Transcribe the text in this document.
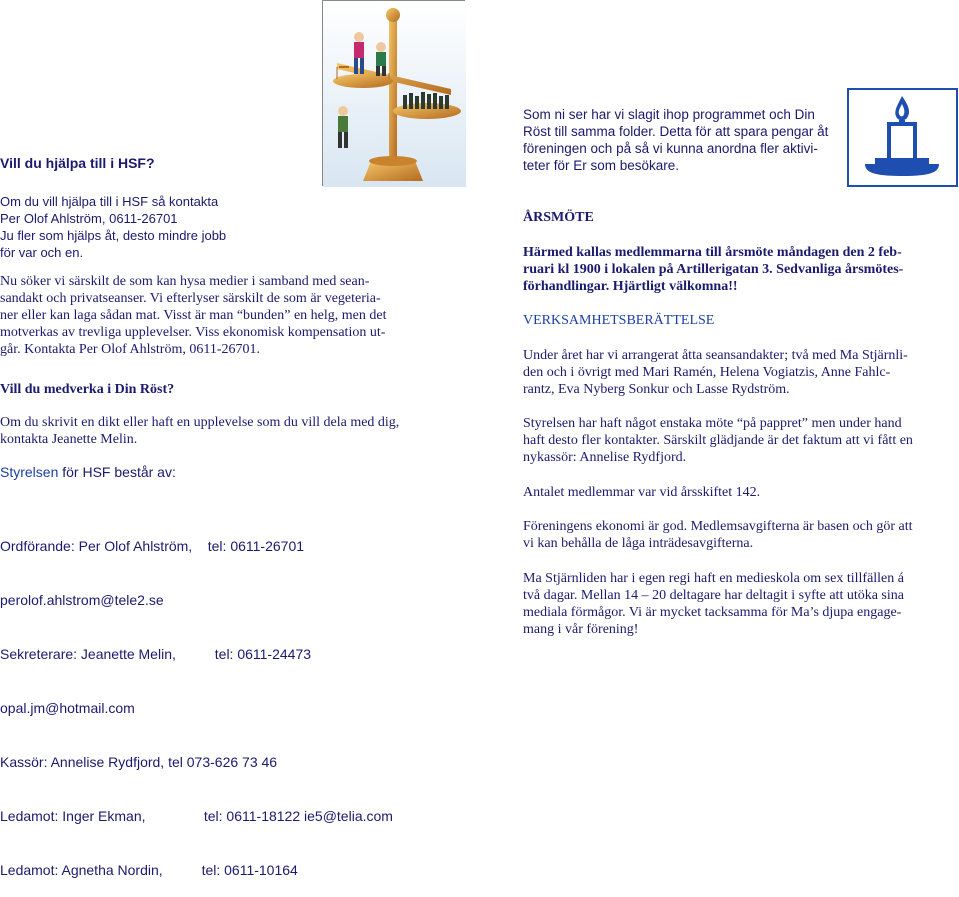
Vill du hjälpa till i HSF?
Om du vill hjälpa till i HSF så kontakta
Per Olof Ahlström, 0611-26701
Ju fler som hjälps åt, desto mindre jobb
för var och en.
Nu söker vi särskilt de som kan hysa medier i samband med sean-
sandakt och privatseanser. Vi efterlyser särskilt de som är vegeteria-
ner eller kan laga sådan mat. Visst är man “bunden” en helg, men det
motverkas av trevliga upplevelser. Viss ekonomisk kompensation ut-
går. Kontakta Per Olof Ahlström, 0611-26701.
Vill du medverka i Din Röst?
Om du skrivit en dikt eller haft en upplevelse som du vill dela med dig,
kontakta Jeanette Melin.
Styrelsen för HSF består av:

Ordförande: Per Olof Ahlström,    tel: 0611-26701

perolof.ahlstrom@tele2.se

Sekreterare: Jeanette Melin,          tel: 0611-24473

opal.jm@hotmail.com

Kassör: Annelise Rydfjord, tel 073-626 73 46

Ledamot: Inger Ekman,               tel: 0611-18122 ie5@telia.com

Ledamot: Agnetha Nordin,          tel: 0611-10164

Som ni ser har vi slagit ihop programmet och Din
Röst till samma folder. Detta för att spara pengar åt
föreningen och på så vi kunna anordna fler aktivi-
teter för Er som besökare.
ÅRSMÖTE
Härmed kallas medlemmarna till årsmöte måndagen den 2 feb-
ruari kl 1900 i lokalen på Artillerigatan 3. Sedvanliga årsmötes-
förhandlingar. Hjärtligt välkomna!!
VERKSAMHETSBERÄTTELSE
Under året har vi arrangerat åtta seansandakter; två med Ma Stjärnli-
den och i övrigt med Mari Ramén, Helena Vogiatzis, Anne Fahlc-
rantz, Eva Nyberg Sonkur och Lasse Rydström.
Styrelsen har haft något enstaka möte “på pappret” men under hand
haft desto fler kontakter. Särskilt glädjande är det faktum att vi fått en
nykassör: Annelise Rydfjord.
Antalet medlemmar var vid årsskiftet 142.
Föreningens ekonomi är god. Medlemsavgifterna är basen och gör att
vi kan behålla de låga inträdesavgifterna.
Ma Stjärnliden har i egen regi haft en medieskola om sex tillfällen á
två dagar. Mellan 14 – 20 deltagare har deltagit i syfte att utöka sina
mediala förmågor. Vi är mycket tacksamma för Ma’s djupa engage-
mang i vår förening!
